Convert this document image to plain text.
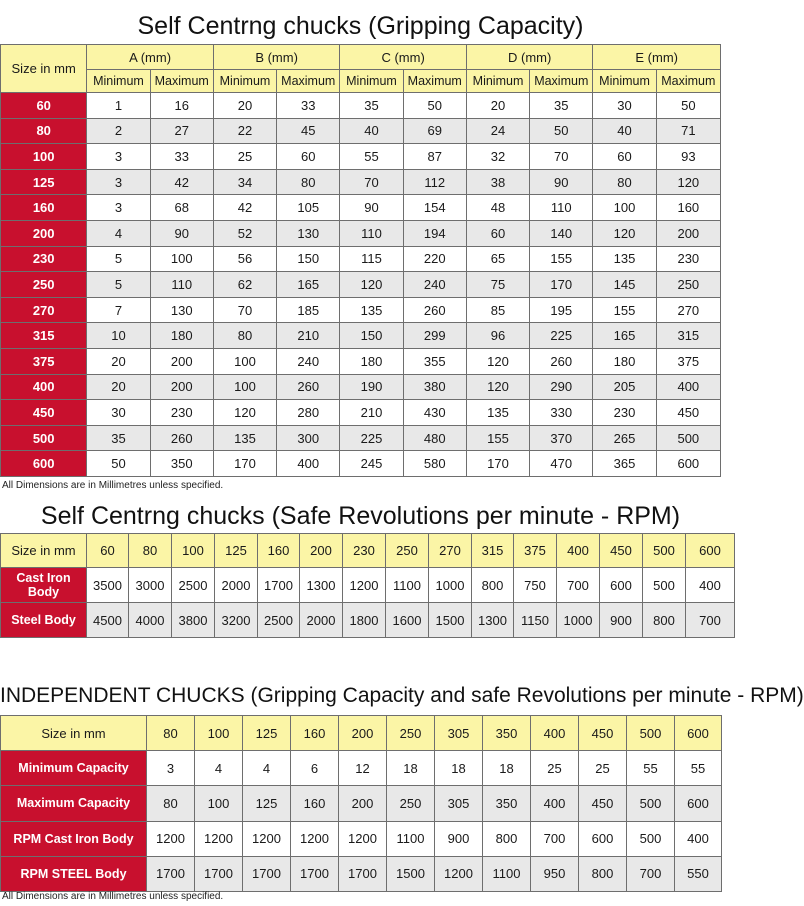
Self Centrng chucks (Gripping Capacity)
Size in mm	A (mm)		B (mm)		C (mm)		D (mm)		E (mm)	
	Minimum	Maximum	Minimum	Maximum	Minimum	Maximum	Minimum	Maximum	Minimum	Maximum
60	1	16	20	33	35	50	20	35	30	50
80	2	27	22	45	40	69	24	50	40	71
100	3	33	25	60	55	87	32	70	60	93
125	3	42	34	80	70	112	38	90	80	120
160	3	68	42	105	90	154	48	110	100	160
200	4	90	52	130	110	194	60	140	120	200
230	5	100	56	150	115	220	65	155	135	230
250	5	110	62	165	120	240	75	170	145	250
270	7	130	70	185	135	260	85	195	155	270
315	10	180	80	210	150	299	96	225	165	315
375	20	200	100	240	180	355	120	260	180	375
400	20	200	100	260	190	380	120	290	205	400
450	30	230	120	280	210	430	135	330	230	450
500	35	260	135	300	225	480	155	370	265	500
600	50	350	170	400	245	580	170	470	365	600
All Dimensions are in Millimetres unless specified.
Self Centrng chucks (Safe Revolutions per minute - RPM)
Size in mm	60	80	100	125	160	200	230	250	270	315	375	400	450	500	600
Cast Iron Body	3500	3000	2500	2000	1700	1300	1200	1100	1000	800	750	700	600	500	400
Steel Body	4500	4000	3800	3200	2500	2000	1800	1600	1500	1300	1150	1000	900	800	700
INDEPENDENT CHUCKS (Gripping Capacity and safe Revolutions per minute - RPM)
Size in mm	80	100	125	160	200	250	305	350	400	450	500	600
Minimum Capacity	3	4	4	6	12	18	18	18	25	25	55	55
Maximum Capacity	80	100	125	160	200	250	305	350	400	450	500	600
RPM Cast Iron Body	1200	1200	1200	1200	1200	1100	900	800	700	600	500	400
RPM STEEL Body	1700	1700	1700	1700	1700	1500	1200	1100	950	800	700	550
All Dimensions are in Millimetres unless specified.
